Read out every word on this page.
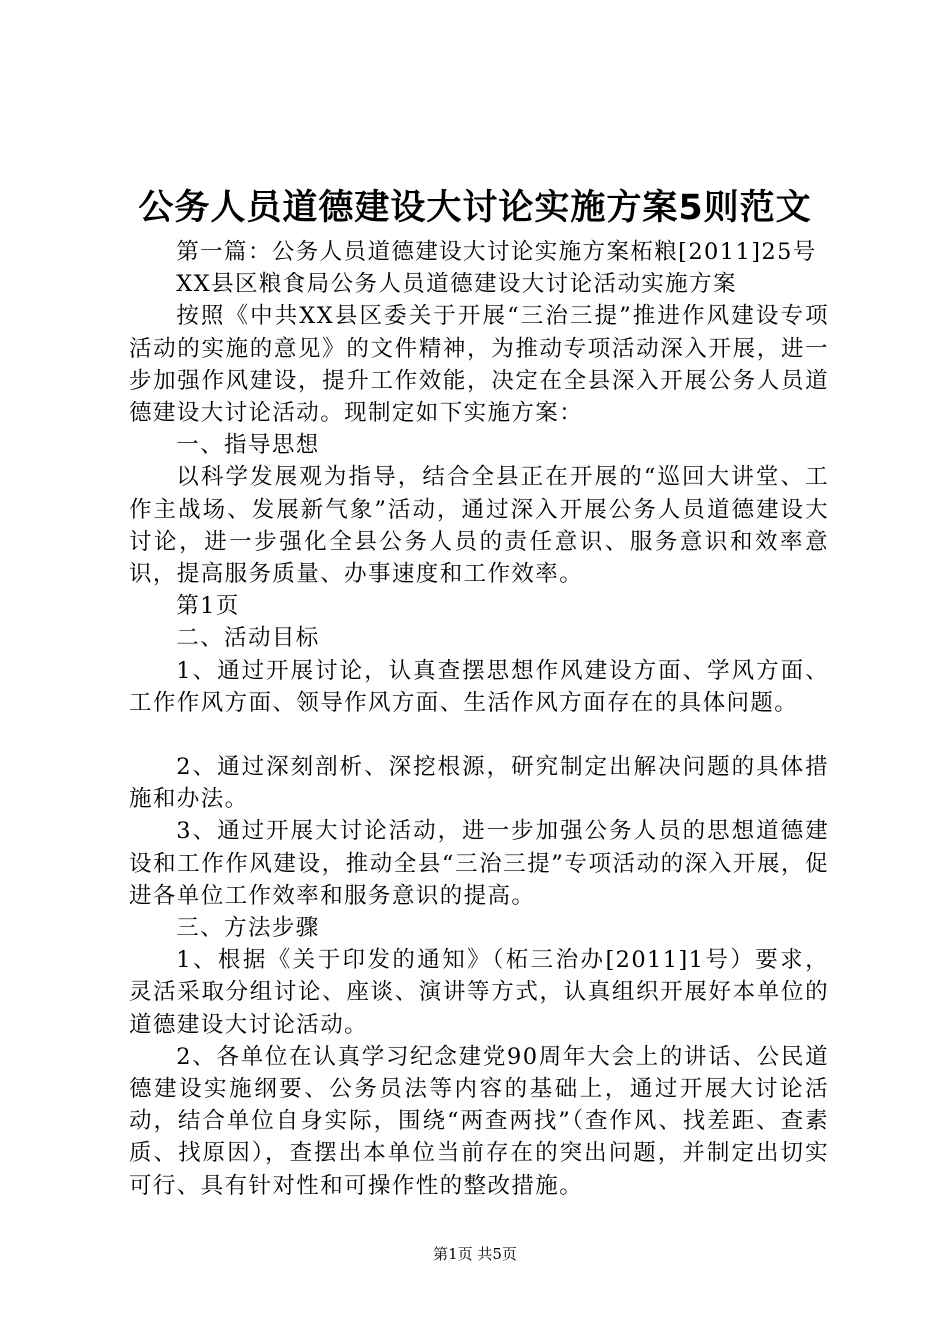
公务人员道德建设大讨论实施方案5则范文

第一篇：公务人员道德建设大讨论实施方案柘粮[2011]25号

XX县区粮食局公务人员道德建设大讨论活动实施方案

按照《中共XX县区委关于开展“三治三提”推进作风建设专项活动的实施的意见》的文件精神，为推动专项活动深入开展，进一步加强作风建设，提升工作效能，决定在全县深入开展公务人员道德建设大讨论活动。现制定如下实施方案：

一、指导思想

以科学发展观为指导，结合全县正在开展的“巡回大讲堂、工作主战场、发展新气象”活动，通过深入开展公务人员道德建设大讨论，进一步强化全县公务人员的责任意识、服务意识和效率意识，提高服务质量、办事速度和工作效率。

第1页

二、活动目标

1、通过开展讨论，认真查摆思想作风建设方面、学风方面、工作作风方面、领导作风方面、生活作风方面存在的具体问题。

2、通过深刻剖析、深挖根源，研究制定出解决问题的具体措施和办法。

3、通过开展大讨论活动，进一步加强公务人员的思想道德建设和工作作风建设，推动全县“三治三提”专项活动的深入开展，促进各单位工作效率和服务意识的提高。

三、方法步骤

1、根据《关于印发的通知》（柘三治办[2011]1号）要求，灵活采取分组讨论、座谈、演讲等方式，认真组织开展好本单位的道德建设大讨论活动。

2、各单位在认真学习纪念建党90周年大会上的讲话、公民道德建设实施纲要、公务员法等内容的基础上，通过开展大讨论活动，结合单位自身实际，围绕“两查两找”（查作风、找差距、查素质、找原因），查摆出本单位当前存在的突出问题，并制定出切实可行、具有针对性和可操作性的整改措施。

第1页 共5页
